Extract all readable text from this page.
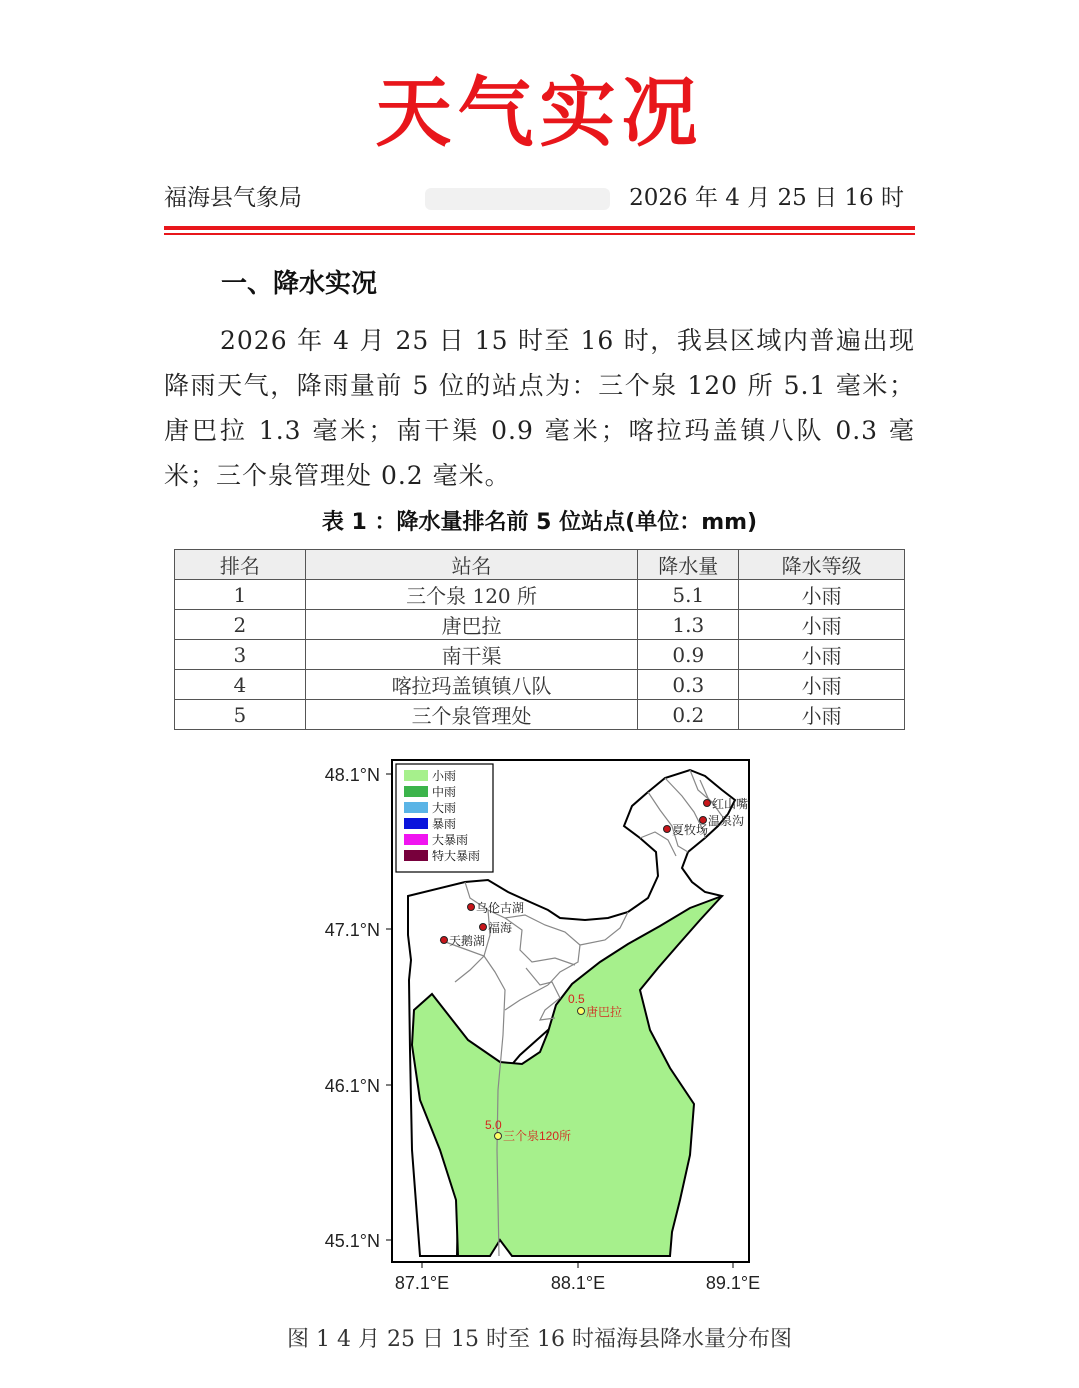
天气实况
福海县气象局	2026 年 4 月 25 日 16 时
一、降水实况
2026 年 4 月 25 日 15 时至 16 时，我县区域内普遍出现降雨天气，降雨量前 5 位的站点为：三个泉 120 所 5.1 毫米；唐巴拉 1.3 毫米；南干渠 0.9 毫米；喀拉玛盖镇八队 0.3 毫米；三个泉管理处 0.2 毫米。
表 1 ：降水量排名前 5 位站点(单位：mm)
排名	站名	降水量	降水等级
1	三个泉 120 所	5.1	小雨
2	唐巴拉	1.3	小雨
3	南干渠	0.9	小雨
4	喀拉玛盖镇镇八队	0.3	小雨
5	三个泉管理处	0.2	小雨
48.1°N
47.1°N
46.1°N
45.1°N
87.1°E	88.1°E	89.1°E
小雨
中雨
大雨
暴雨
大暴雨
特大暴雨
红山嘴
温泉沟
夏牧场
乌伦古湖
福海
天鹅湖
0.5
唐巴拉
5.0
三个泉120所
图 1 4 月 25 日 15 时至 16 时福海县降水量分布图
